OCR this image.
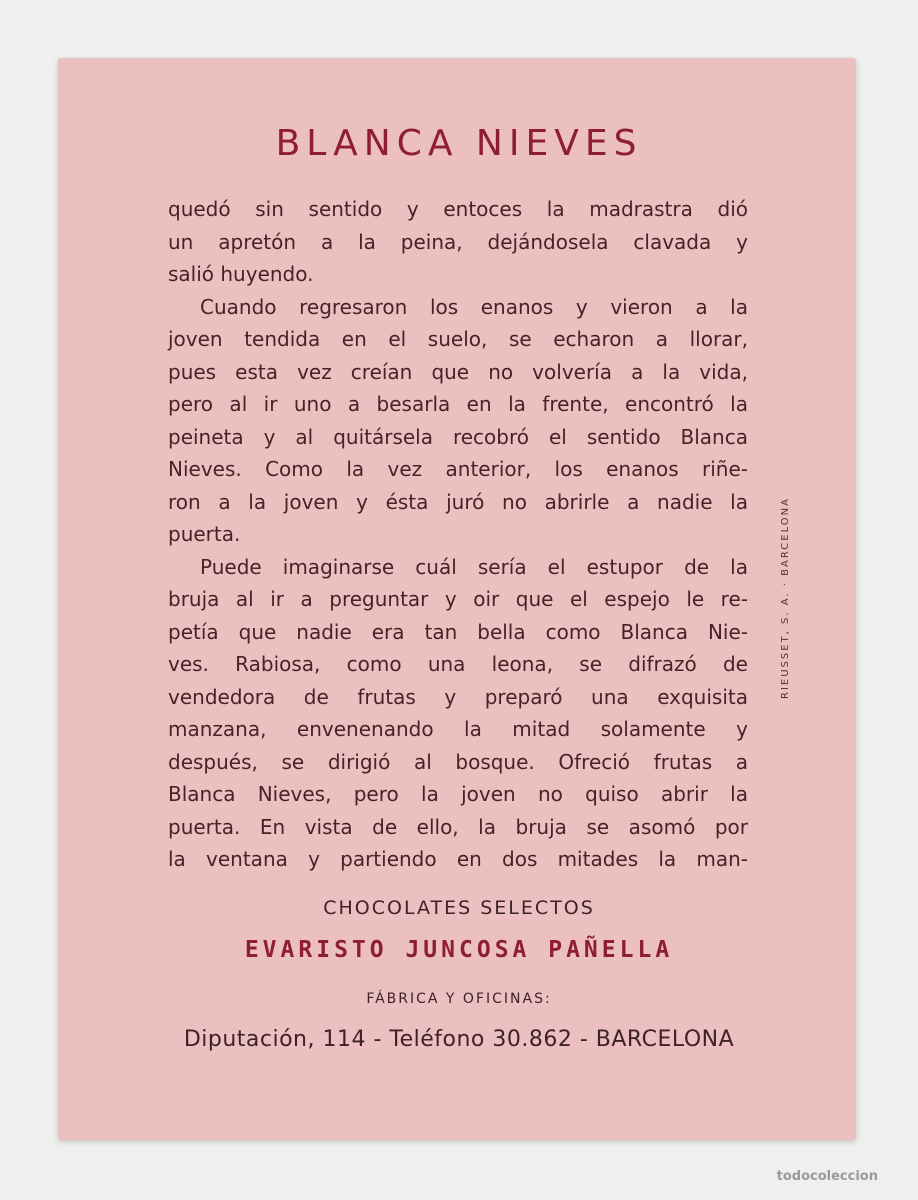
BLANCA NIEVES
quedó sin sentido y entoces la madrastra dió
un apretón a la peina, dejándosela clavada y
salió huyendo.
Cuando regresaron los enanos y vieron a la
joven tendida en el suelo, se echaron a llorar,
pues esta vez creían que no volvería a la vida,
pero al ir uno a besarla en la frente, encontró la
peineta y al quitársela recobró el sentido Blanca
Nieves. Como la vez anterior, los enanos riñe-
ron a la joven y ésta juró no abrirle a nadie la
puerta.
Puede imaginarse cuál sería el estupor de la
bruja al ir a preguntar y oir que el espejo le re-
petía que nadie era tan bella como Blanca Nie-
ves. Rabiosa, como una leona, se difrazó de
vendedora de frutas y preparó una exquisita
manzana, envenenando la mitad solamente y
después, se dirigió al bosque. Ofreció frutas a
Blanca Nieves, pero la joven no quiso abrir la
puerta. En vista de ello, la bruja se asomó por
la ventana y partiendo en dos mitades la man-
RIEUSSET, S. A. · BARCELONA
CHOCOLATES SELECTOS
EVARISTO JUNCOSA PAÑELLA
FÁBRICA Y OFICINAS:
Diputación, 114 - Teléfono 30.862 - BARCELONA
todocoleccion
